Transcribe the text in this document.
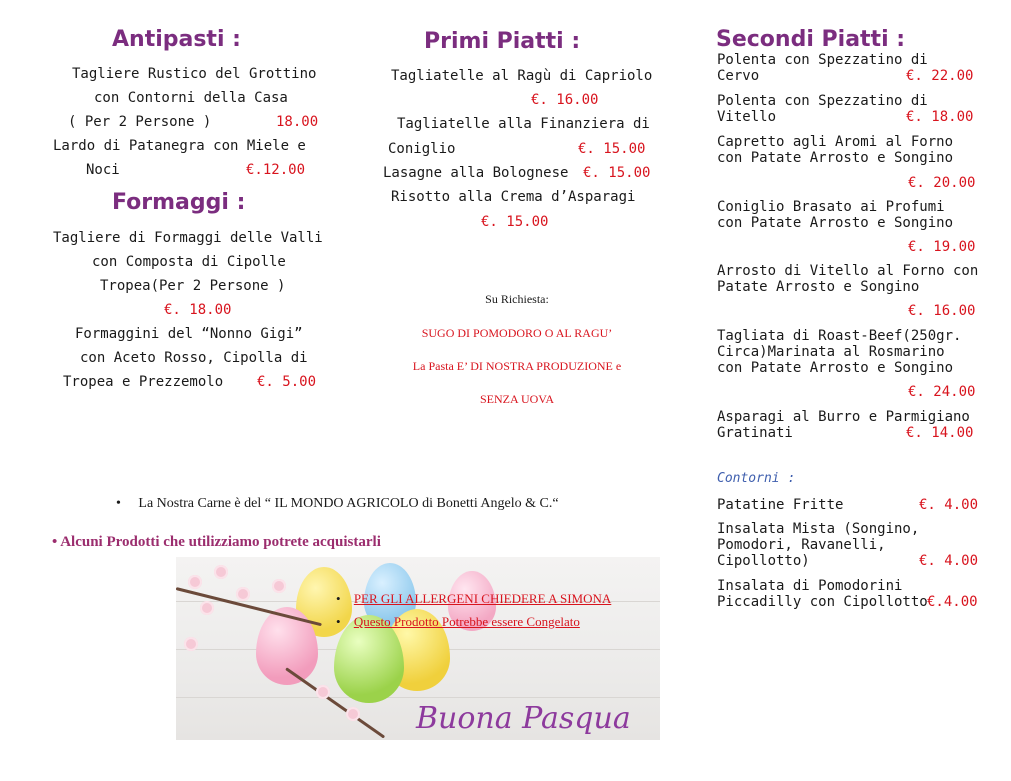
Antipasti :
Tagliere Rustico del Grottino
con Contorni della Casa
( Per 2 Persone )	18.00
Lardo di Patanegra con Miele e
Noci	€.12.00
Formaggi :
Tagliere di Formaggi delle Valli
con Composta di Cipolle
Tropea(Per 2 Persone )
€. 18.00
Formaggini del “Nonno Gigi”
con Aceto Rosso, Cipolla di
Tropea e Prezzemolo €. 5.00
Primi Piatti :
Tagliatelle al Ragù di Capriolo
€. 16.00
Tagliatelle alla Finanziera di
Coniglio	€. 15.00
Lasagne alla Bolognese €. 15.00
Risotto alla Crema d’Asparagi
€. 15.00
Su Richiesta:
SUGO DI POMODORO O AL RAGU’
La Pasta E’ DI NOSTRA PRODUZIONE e
SENZA UOVA
Secondi Piatti :
Polenta con Spezzatino di
Cervo	€. 22.00
Polenta con Spezzatino di
Vitello	€. 18.00
Capretto agli Aromi al Forno
con Patate Arrosto e Songino
€. 20.00
Coniglio Brasato ai Profumi
con Patate Arrosto e Songino
€. 19.00
Arrosto di Vitello al Forno con
Patate Arrosto e Songino
€. 16.00
Tagliata di Roast-Beef(250gr.
Circa)Marinata al Rosmarino
con Patate Arrosto e Songino
€. 24.00
Asparagi al Burro e Parmigiano
Gratinati	€. 14.00
Contorni :
Patatine Fritte	€. 4.00
Insalata Mista (Songino,
Pomodori, Ravanelli,
Cipollotto)	€. 4.00
Insalata di Pomodorini
Piccadilly con Cipollotto €.4.00
• La Nostra Carne è del “ IL MONDO AGRICOLO di Bonetti Angelo & C.“
• Alcuni Prodotti che utilizziamo potrete acquistarli
Buona Pasqua
• PER GLI ALLERGENI CHIEDERE A SIMONA
• Questo Prodotto Potrebbe essere Congelato
